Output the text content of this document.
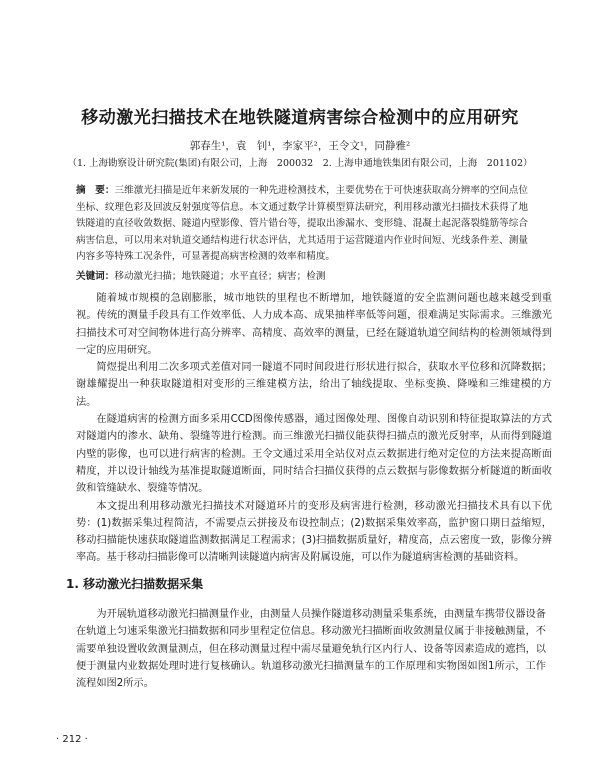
移动激光扫描技术在地铁隧道病害综合检测中的应用研究
郭春生¹，袁　钊¹，李家平²，王令文¹，同静雅²
（1. 上海勘察设计研究院(集团)有限公司，上海　200032　2. 上海申通地铁集团有限公司，上海　201102）
摘　要：三维激光扫描是近年来新发展的一种先进检测技术，主要优势在于可快速获取高分辨率的空间点位坐标、纹理色彩及回波反射强度等信息。本文通过数学计算模型算法研究，利用移动激光扫描技术获得了地铁隧道的直径收敛数据、隧道内壁影像、管片错台等，提取出渗漏水、变形缝、混凝土起泥落裂缝筋等综合病害信息，可以用来对轨道交通结构进行状态评估，尤其适用于运营隧道内作业时间短、光线条件差、测量内容多等特殊工况条件，可显著提高病害检测的效率和精度。
关键词：移动激光扫描；地铁隧道；水平直径；病害；检测

随着城市规模的急剧膨胀，城市地铁的里程也不断增加，地铁隧道的安全监测问题也越来越受到重视。传统的测量手段具有工作效率低、人力成本高、成果抽样率低等问题，很难满足实际需求。三维激光扫描技术可对空间物体进行高分辨率、高精度、高效率的测量，已经在隧道轨道空间结构的检测领域得到一定的应用研究。

简煜提出利用二次多项式差值对同一隧道不同时间段进行形状进行拟合，获取水平位移和沉降数据；谢雄耀提出一种获取隧道相对变形的三维建模方法，给出了轴线提取、坐标变换、降噪和三维建模的方法。

在隧道病害的检测方面多采用CCD图像传感器，通过图像处理、图像自动识别和特征提取算法的方式对隧道内的渗水、缺角、裂缝等进行检测。而三维激光扫描仪能获得扫描点的激光反射率，从而得到隧道内壁的影像，也可以进行病害的检测。王令文通过采用全站仪对点云数据进行绝对定位的方法来提高断面精度，并以设计轴线为基准提取隧道断面，同时结合扫描仪获得的点云数据与影像数据分析隧道的断面收敛和管缝缺水、裂缝等情况。

本文提出利用移动激光扫描技术对隧道环片的变形及病害进行检测，移动激光扫描技术具有以下优势：(1)数据采集过程简洁，不需要点云拼接及布设控制点；(2)数据采集效率高，监护窗口期日益缩短，移动扫描能快速获取隧道监测数据满足工程需求；(3)扫描数据质量好，精度高，点云密度一致，影像分辨率高。基于移动扫描影像可以清晰判读隧道内病害及附属设施，可以作为隧道病害检测的基础资料。

1. 移动激光扫描数据采集

为开展轨道移动激光扫描测量作业，由测量人员操作隧道移动测量采集系统，由测量车携带仪器设备在轨道上匀速采集激光扫描数据和同步里程定位信息。移动激光扫描断面收敛测量仪属于非接触测量，不需要单独设置收敛测量测点，但在移动测量过程中需尽量避免轨行区内行人、设备等因素造成的遮挡，以便于测量内业数据处理时进行复核确认。轨道移动激光扫描测量车的工作原理和实物图如图1所示，工作流程如图2所示。

· 212 ·
